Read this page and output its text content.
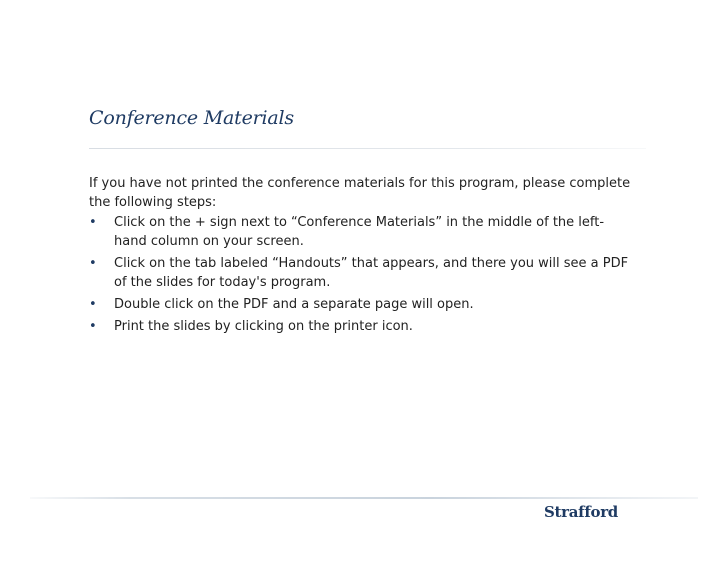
Conference Materials

If you have not printed the conference materials for this program, please complete the following steps:

•	Click on the + sign next to “Conference Materials” in the middle of the left-hand column on your screen.
•	Click on the tab labeled “Handouts” that appears, and there you will see a PDF of the slides for today's program.
•	Double click on the PDF and a separate page will open.
•	Print the slides by clicking on the printer icon.
Strafford
